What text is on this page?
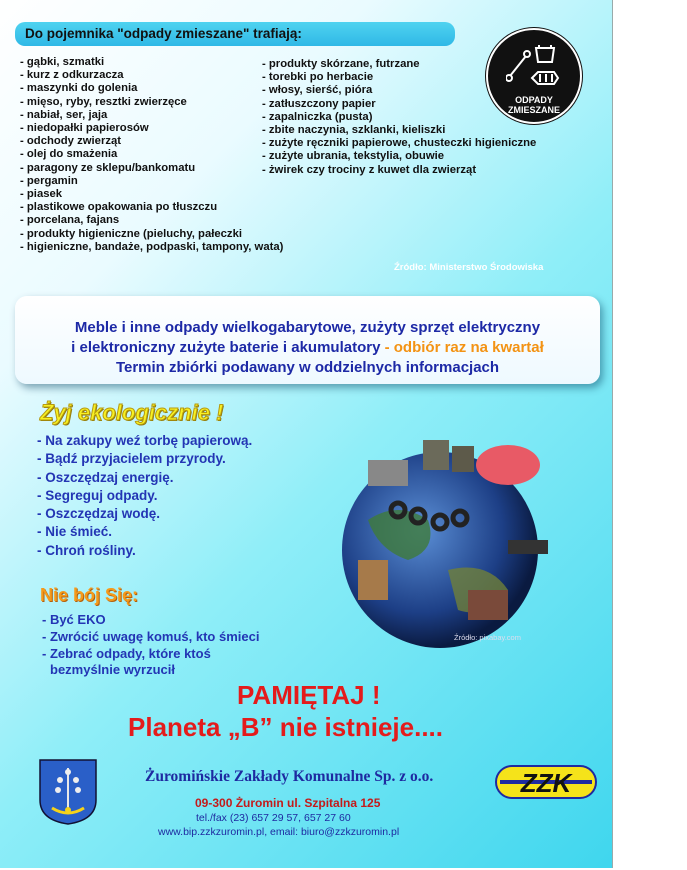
Do pojemnika "odpady zmieszane" trafiają:
- gąbki, szmatki
- kurz z odkurzacza
- maszynki do golenia
- mięso, ryby, resztki zwierzęce
- nabiał, ser, jaja
- niedopałki papierosów
- odchody zwierząt
- olej do smażenia
- paragony ze sklepu/bankomatu
- pergamin
- piasek
- plastikowe opakowania po tłuszczu
- porcelana, fajans
- produkty higieniczne (pieluchy, pałeczki
- higieniczne, bandaże, podpaski, tampony, wata)
- produkty skórzane, futrzane
- torebki po herbacie
- włosy, sierść, pióra
- zatłuszczony papier
- zapalniczka (pusta)
- zbite naczynia, szklanki, kieliszki
- zużyte ręczniki papierowe, chusteczki higieniczne
- zużyte ubrania, tekstylia, obuwie
- żwirek czy trociny z kuwet dla zwierząt
ODPADY
ZMIESZANE
Źródło: Ministerstwo Środowiska
Meble i inne odpady wielkogabarytowe, zużyty sprzęt elektryczny
i elektroniczny zużyte baterie i akumulatory - odbiór raz na kwartał
Termin zbiórki podawany w oddzielnych informacjach
Żyj ekologicznie !
- Na zakupy weź torbę papierową.
- Bądź przyjacielem przyrody.
- Oszczędzaj energię.
- Segreguj odpady.
- Oszczędzaj wodę.
- Nie śmieć.
- Chroń rośliny.
Źródło: pixabay.com
Nie bój Się:
- Być EKO
- Zwrócić uwagę komuś, kto śmieci
- Zebrać odpady, które ktoś
bezmyślnie wyrzucił
PAMIĘTAJ !
Planeta „B” nie istnieje....
Żuromińskie Zakłady Komunalne Sp. z o.o.
09-300 Żuromin ul. Szpitalna 125
tel./fax (23) 657 29 57, 657 27 60
www.bip.zzkzuromin.pl, email: biuro@zzkzuromin.pl
ZZK
